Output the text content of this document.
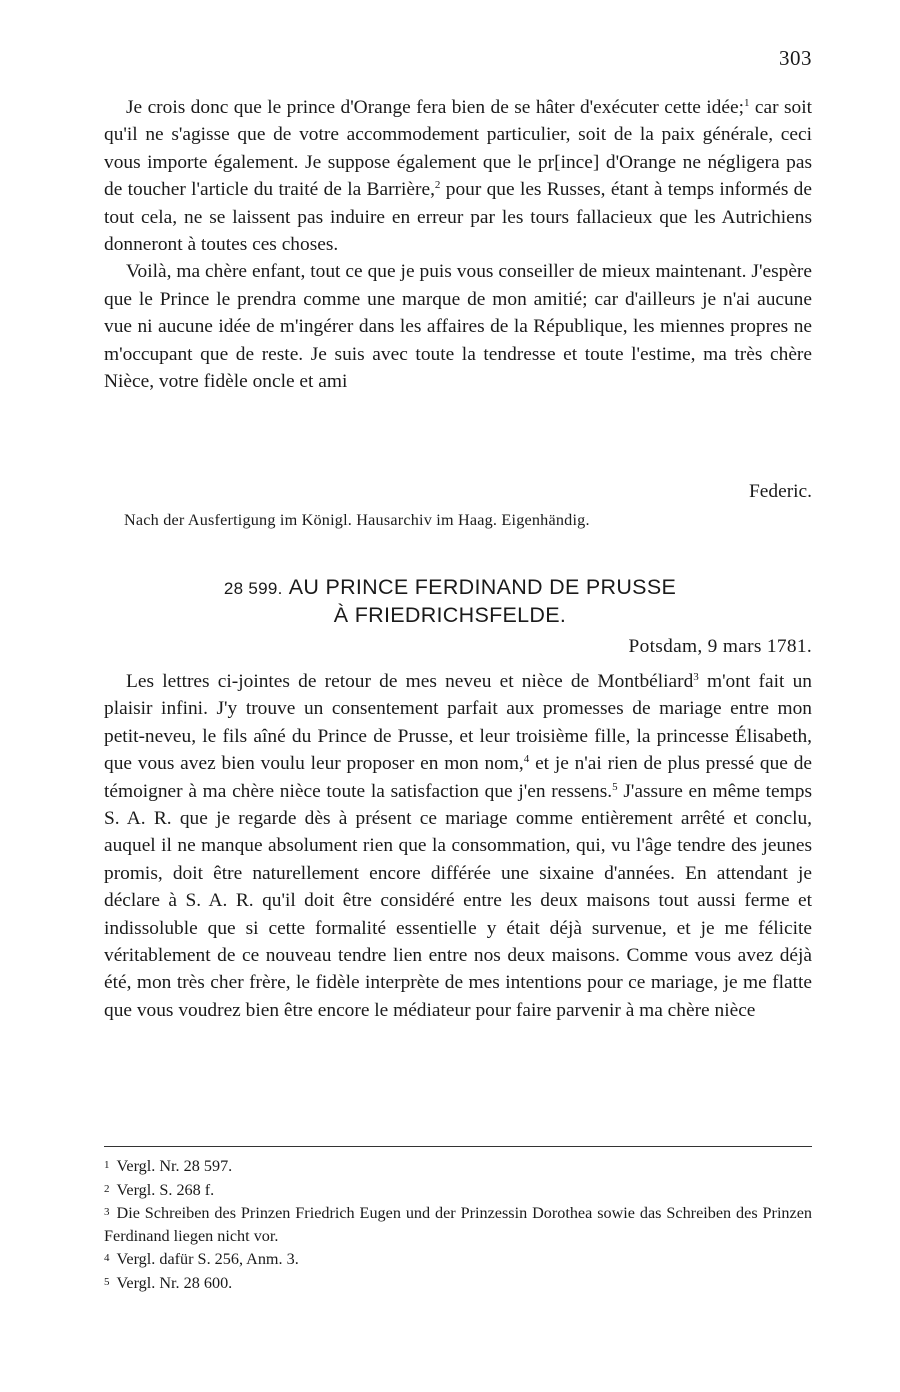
303

Je crois donc que le prince d'Orange fera bien de se hâter d'exécuter cette idée;$^1$ car soit qu'il ne s'agisse que de votre accommodement particulier, soit de la paix générale, ceci vous importe également. Je suppose également que le pr[ince] d'Orange ne négligera pas de toucher l'article du traité de la Barrière,$^2$ pour que les Russes, étant à temps informés de tout cela, ne se laissent pas induire en erreur par les tours fallacieux que les Autrichiens donneront à toutes ces choses.

Voilà, ma chère enfant, tout ce que je puis vous conseiller de mieux maintenant. J'espère que le Prince le prendra comme une marque de mon amitié; car d'ailleurs je n'ai aucune vue ni aucune idée de m'ingérer dans les affaires de la République, les miennes propres ne m'occupant que de reste. Je suis avec toute la tendresse et toute l'estime, ma très chère Nièce, votre fidèle oncle et ami

Federic.
Nach der Ausfertigung im Königl. Hausarchiv im Haag. Eigenhändig.
28 599. AU PRINCE FERDINAND DE PRUSSE
À FRIEDRICHSFELDE.
Potsdam, 9 mars 1781.

Les lettres ci-jointes de retour de mes neveu et nièce de Montbéliard$^3$ m'ont fait un plaisir infini. J'y trouve un consentement parfait aux promesses de mariage entre mon petit-neveu, le fils aîné du Prince de Prusse, et leur troisième fille, la princesse Élisabeth, que vous avez bien voulu leur proposer en mon nom,$^4$ et je n'ai rien de plus pressé que de témoigner à ma chère nièce toute la satisfaction que j'en ressens.$^5$ J'assure en même temps S. A. R. que je regarde dès à présent ce mariage comme entièrement arrêté et conclu, auquel il ne manque absolument rien que la consommation, qui, vu l'âge tendre des jeunes promis, doit être naturellement encore différée une sixaine d'années. En attendant je déclare à S. A. R. qu'il doit être considéré entre les deux maisons tout aussi ferme et indissoluble que si cette formalité essentielle y était déjà survenue, et je me félicite véritablement de ce nouveau tendre lien entre nos deux maisons. Comme vous avez déjà été, mon très cher frère, le fidèle interprète de mes intentions pour ce mariage, je me flatte que vous voudrez bien être encore le médiateur pour faire parvenir à ma chère nièce

1 Vergl. Nr. 28 597.

2 Vergl. S. 268 f.

3 Die Schreiben des Prinzen Friedrich Eugen und der Prinzessin Dorothea sowie das Schreiben des Prinzen Ferdinand liegen nicht vor.

4 Vergl. dafür S. 256, Anm. 3.

5 Vergl. Nr. 28 600.
